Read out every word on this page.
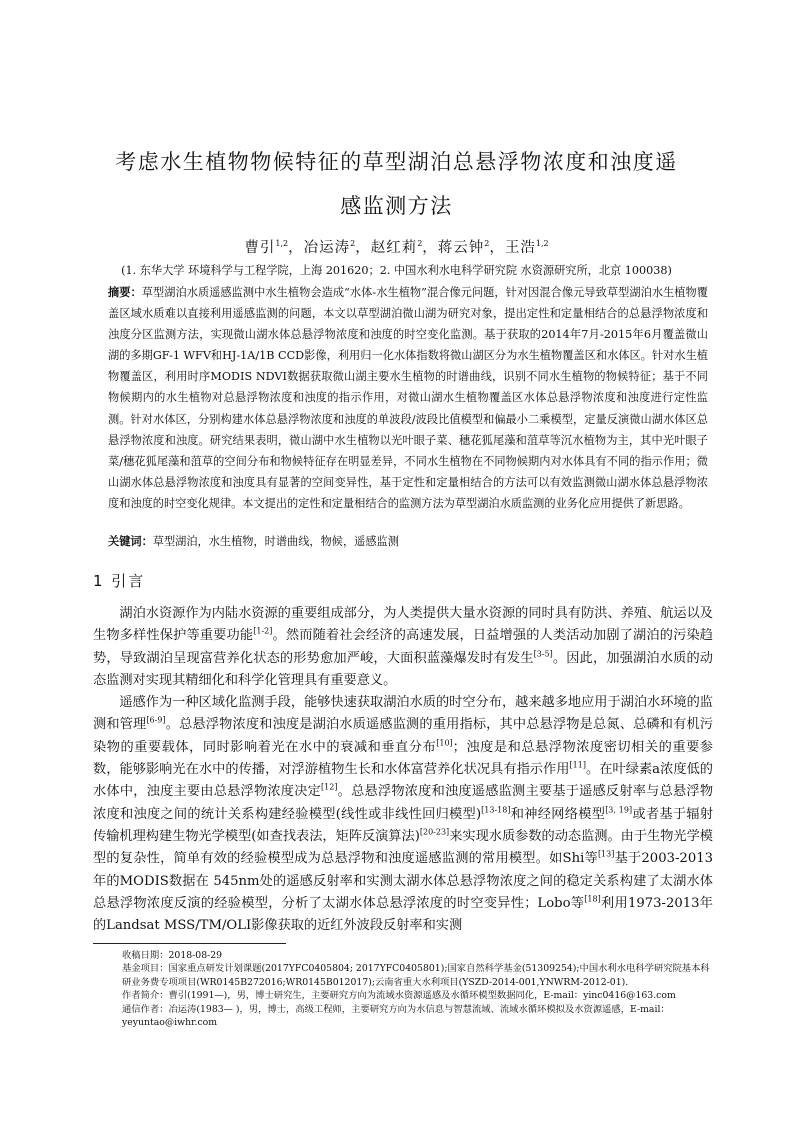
考虑水生植物物候特征的草型湖泊总悬浮物浓度和浊度遥
感监测方法
曹引$^{1,2}$，冶运涛$^2$，赵红莉$^2$，蒋云钟$^2$，王浩$^{1,2}$
(1. 东华大学 环境科学与工程学院，上海 201620；2. 中国水利水电科学研究院 水资源研究所，北京 100038)
摘要：草型湖泊水质遥感监测中水生植物会造成“水体-水生植物”混合像元问题，针对因混合像元导致草型湖泊水生植物覆盖区域水质难以直接利用遥感监测的问题，本文以草型湖泊微山湖为研究对象，提出定性和定量相结合的总悬浮物浓度和浊度分区监测方法，实现微山湖水体总悬浮物浓度和浊度的时空变化监测。基于获取的2014年7月-2015年6月覆盖微山湖的多期GF-1 WFV和HJ-1A/1B CCD影像，利用归一化水体指数将微山湖区分为水生植物覆盖区和水体区。针对水生植物覆盖区，利用时序MODIS NDVI数据获取微山湖主要水生植物的时谱曲线，识别不同水生植物的物候特征；基于不同物候期内的水生植物对总悬浮物浓度和浊度的指示作用，对微山湖水生植物覆盖区水体总悬浮物浓度和浊度进行定性监测。针对水体区，分别构建水体总悬浮物浓度和浊度的单波段/波段比值模型和偏最小二乘模型，定量反演微山湖水体区总悬浮物浓度和浊度。研究结果表明，微山湖中水生植物以光叶眼子菜、穗花狐尾藻和菹草等沉水植物为主，其中光叶眼子菜/穗花狐尾藻和菹草的空间分布和物候特征存在明显差异，不同水生植物在不同物候期内对水体具有不同的指示作用；微山湖水体总悬浮物浓度和浊度具有显著的空间变异性，基于定性和定量相结合的方法可以有效监测微山湖水体总悬浮物浓度和浊度的时空变化规律。本文提出的定性和定量相结合的监测方法为草型湖泊水质监测的业务化应用提供了新思路。
关键词：草型湖泊，水生植物，时谱曲线，物候，遥感监测
1 引言

湖泊水资源作为内陆水资源的重要组成部分，为人类提供大量水资源的同时具有防洪、养殖、航运以及生物多样性保护等重要功能[1-2]。然而随着社会经济的高速发展，日益增强的人类活动加剧了湖泊的污染趋势，导致湖泊呈现富营养化状态的形势愈加严峻，大面积蓝藻爆发时有发生[3-5]。因此，加强湖泊水质的动态监测对实现其精细化和科学化管理具有重要意义。

遥感作为一种区域化监测手段，能够快速获取湖泊水质的时空分布，越来越多地应用于湖泊水环境的监测和管理[6-9]。总悬浮物浓度和浊度是湖泊水质遥感监测的重用指标，其中总悬浮物是总氮、总磷和有机污染物的重要载体，同时影响着光在水中的衰减和垂直分布[10]；浊度是和总悬浮物浓度密切相关的重要参数，能够影响光在水中的传播，对浮游植物生长和水体富营养化状况具有指示作用[11]。在叶绿素a浓度低的水体中，浊度主要由总悬浮物浓度决定[12]。总悬浮物浓度和浊度遥感监测主要基于遥感反射率与总悬浮物浓度和浊度之间的统计关系构建经验模型(线性或非线性回归模型)[13-18]和神经网络模型[3, 19]或者基于辐射传输机理构建生物光学模型(如查找表法，矩阵反演算法)[20-23]来实现水质参数的动态监测。由于生物光学模型的复杂性，简单有效的经验模型成为总悬浮物和浊度遥感监测的常用模型。如Shi等[13]基于2003-2013年的MODIS数据在 545nm处的遥感反射率和实测太湖水体总悬浮物浓度之间的稳定关系构建了太湖水体总悬浮物浓度反演的经验模型，分析了太湖水体总悬浮浓度的时空变异性；Lobo等[18]利用1973-2013年的Landsat MSS/TM/OLI影像获取的近红外波段反射率和实测

收稿日期：2018-08-29
基金项目：国家重点研发计划课题(2017YFC0405804; 2017YFC0405801);国家自然科学基金(51309254);中国水利水电科学研究院基本科研业务费专项项目(WR0145B272016;WR0145B012017);云南省重大水利项目(YSZD-2014-001,YNWRM-2012-01).
作者简介：曹引(1991—)，男，博士研究生，主要研究方向为流域水资源遥感及水循环模型数据同化，E-mail：yinc0416@163.com
通信作者：冶运涛(1983— )，男，博士，高级工程师，主要研究方向为水信息与智慧流域、流域水循环模拟及水资源遥感，E-mail：yeyuntao@iwhr.com
